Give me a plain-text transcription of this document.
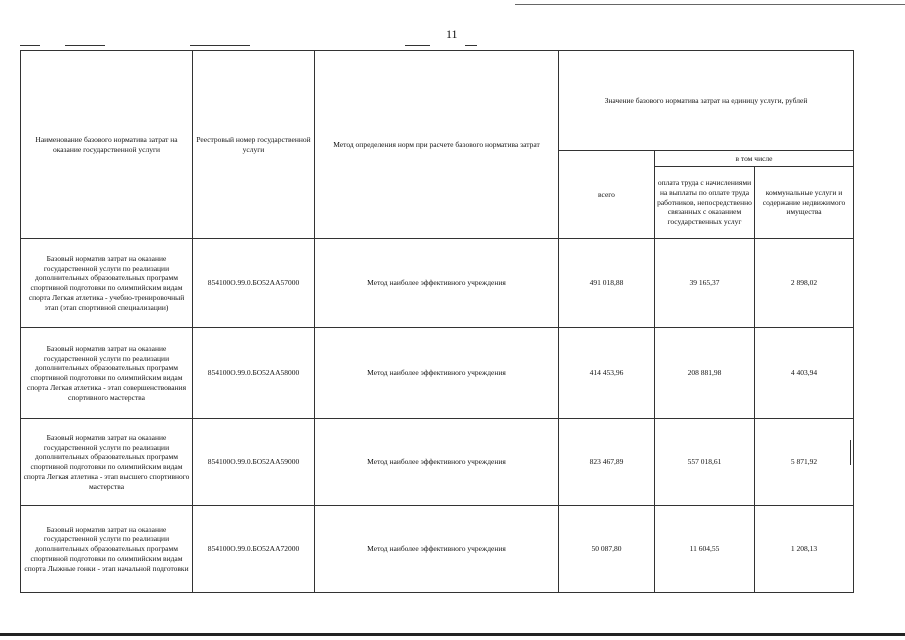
11
Наименование базового норматива затрат на оказание государственной услуги	Реестровый номер государственной услуги	Метод определения норм при расчете базового норматива затрат	Значение базового норматива затрат на единицу услуги, рублей		
			всего	в том числе	
				оплата труда с начислениями на выплаты по оплате труда работников, непосредственно связанных с оказанием государственных услуг	коммунальные услуги и содержание недвижимого имущества
Базовый норматив затрат на оказание государственной услуги по реализации дополнительных образовательных программ спортивной подготовки по олимпийским видам спорта Легкая атлетика - учебно-тренировочный этап (этап спортивной специализации)	854100О.99.0.БО52АА57000	Метод наиболее эффективного учреждения	491 018,88	39 165,37	2 898,02
Базовый норматив затрат на оказание государственной услуги по реализации дополнительных образовательных программ спортивной подготовки по олимпийским видам спорта Легкая атлетика - этап совершенствования спортивного мастерства	854100О.99.0.БО52АА58000	Метод наиболее эффективного учреждения	414 453,96	208 881,98	4 403,94
Базовый норматив затрат на оказание государственной услуги по реализации дополнительных образовательных программ спортивной подготовки по олимпийским видам спорта Легкая атлетика - этап высшего спортивного мастерства	854100О.99.0.БО52АА59000	Метод наиболее эффективного учреждения	823 467,89	557 018,61	5 871,92
Базовый норматив затрат на оказание государственной услуги по реализации дополнительных образовательных программ спортивной подготовки по олимпийским видам спорта Лыжные гонки - этап начальной подготовки	854100О.99.0.БО52АА72000	Метод наиболее эффективного учреждения	50 087,80	11 604,55	1 208,13
